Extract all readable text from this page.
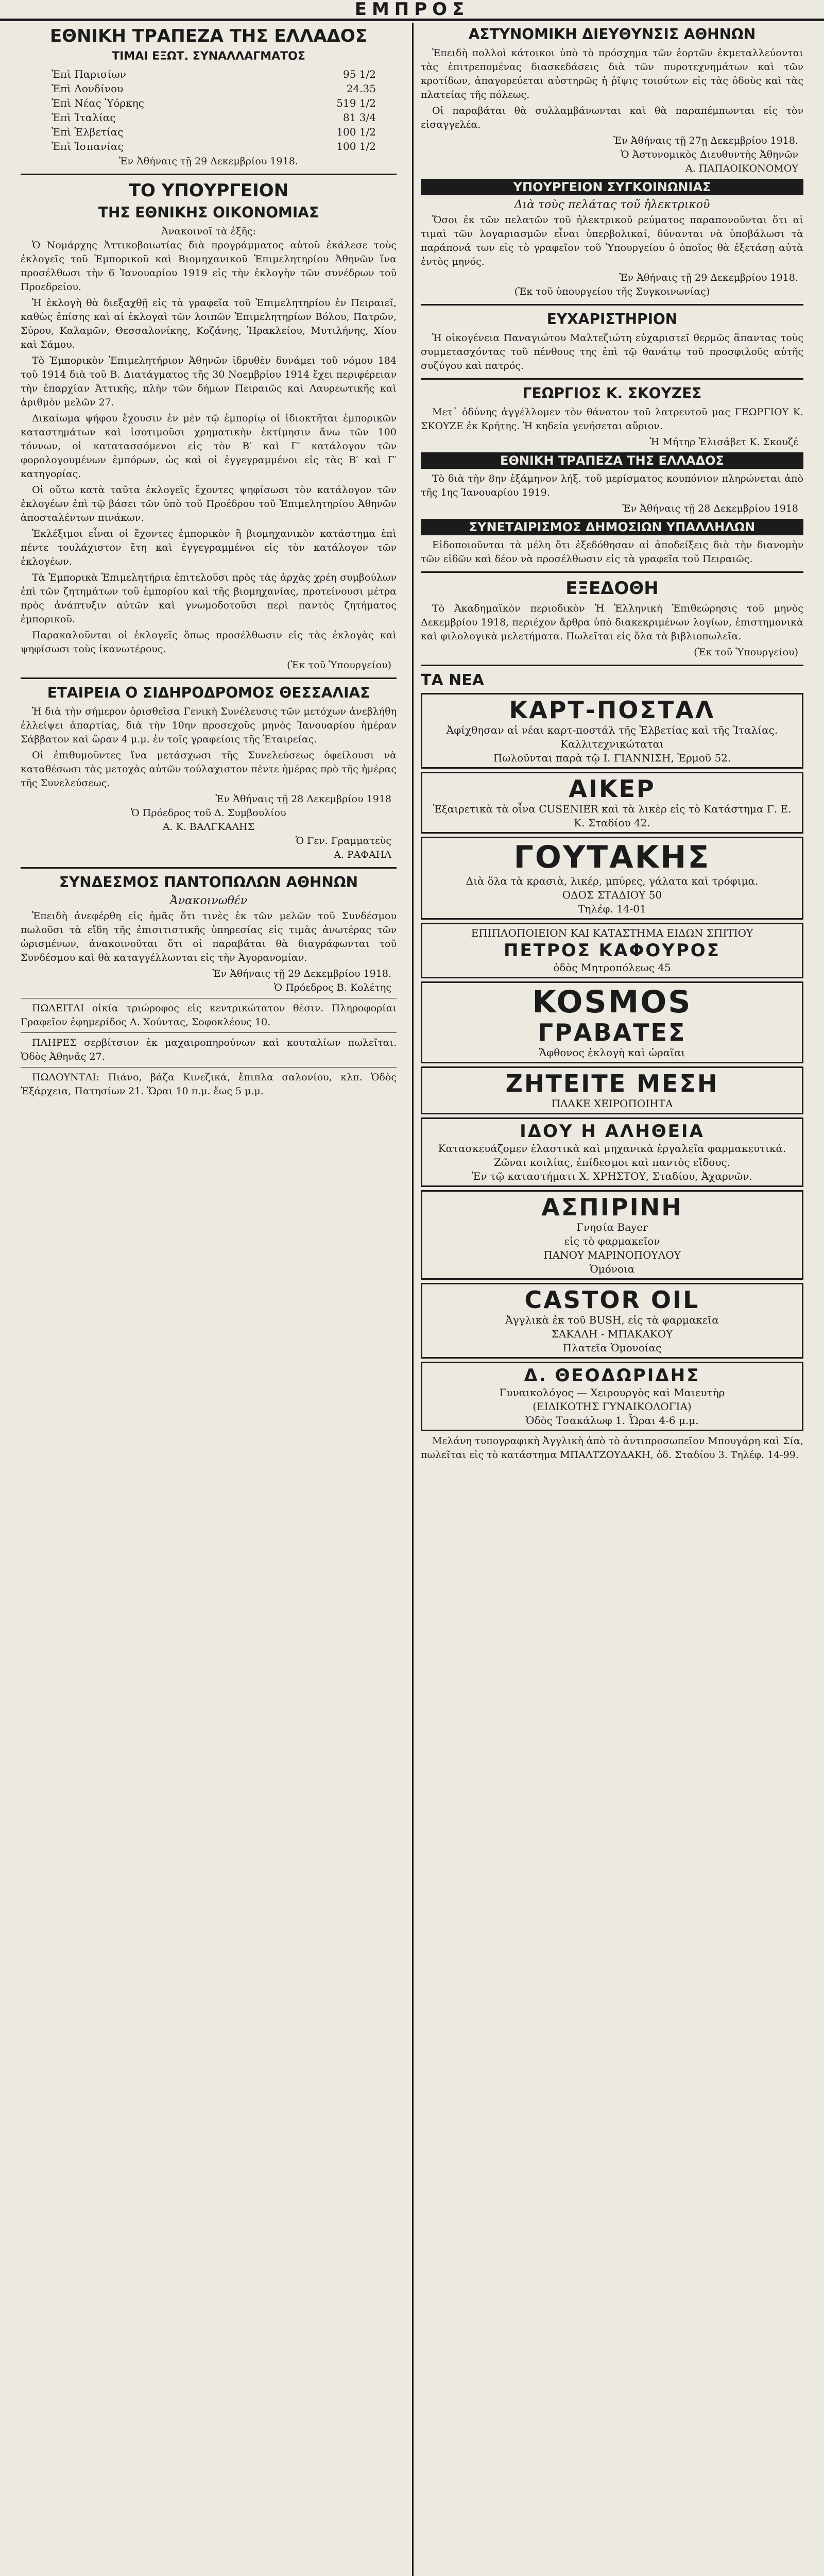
ΕΜΠΡΟΣ
ΕΘΝΙΚΗ ΤΡΑΠΕΖΑ ΤΗΣ ΕΛΛΑΔΟΣ
ΤΙΜΑΙ ΕΞΩΤ. ΣΥΝΑΛΛΑΓΜΑΤΟΣ
Ἐπὶ Παρισίων	95 1/2
Ἐπὶ Λονδίνου	24.35
Ἐπὶ Νέας Ὑόρκης	519 1/2
Ἐπὶ Ἰταλίας	81 3/4
Ἐπὶ Ἑλβετίας	100 1/2
Ἐπὶ Ἱσπανίας	100 1/2

Ἐν Ἀθήναις τῇ 29 Δεκεμβρίου 1918.

ΤΟ ΥΠΟΥΡΓΕΙΟΝ
ΤΗΣ ΕΘΝΙΚΗΣ ΟΙΚΟΝΟΜΙΑΣ

Ἀνακοινοῖ τὰ ἑξῆς:

Ὁ Νομάρχης Ἀττικοβοιωτίας διὰ προγράμματος αὐτοῦ ἐκάλεσε τοὺς ἐκλογεῖς τοῦ Ἐμπορικοῦ καὶ Βιομηχανικοῦ Ἐπιμελητηρίου Ἀθηνῶν ἵνα προσέλθωσι τὴν 6 Ἰανουαρίου 1919 εἰς τὴν ἐκλογὴν τῶν συνέδρων τοῦ Προεδρείου.

Ἡ ἐκλογὴ θὰ διεξαχθῇ εἰς τὰ γραφεῖα τοῦ Ἐπιμελητηρίου ἐν Πειραιεῖ, καθὼς ἐπίσης καὶ αἱ ἐκλογαὶ τῶν λοιπῶν Ἐπιμελητηρίων Βόλου, Πατρῶν, Σύρου, Καλαμῶν, Θεσσαλονίκης, Κοζάνης, Ἡρακλείου, Μυτιλήνης, Χίου καὶ Σάμου.

Τὸ Ἐμπορικὸν Ἐπιμελητήριον Ἀθηνῶν ἰδρυθὲν δυνάμει τοῦ νόμου 184 τοῦ 1914 διὰ τοῦ Β. Διατάγματος τῆς 30 Νοεμβρίου 1914 ἔχει περιφέρειαν τὴν ἐπαρχίαν Ἀττικῆς, πλὴν τῶν δήμων Πειραιῶς καὶ Λαυρεωτικῆς καὶ ἀριθμὸν μελῶν 27.

Δικαίωμα ψήφου ἔχουσιν ἐν μὲν τῷ ἐμπορίῳ οἱ ἰδιοκτῆται ἐμπορικῶν καταστημάτων καὶ ἰσοτιμοῦσι χρηματικὴν ἐκτίμησιν ἄνω τῶν 100 τόννων, οἱ κατατασσόμενοι εἰς τὸν Β′ καὶ Γ′ κατάλογον τῶν φορολογουμένων ἐμπόρων, ὡς καὶ οἱ ἐγγεγραμμένοι εἰς τὰς Β′ καὶ Γ′ κατηγορίας.

Οἱ οὕτω κατὰ ταῦτα ἐκλογεῖς ἔχοντες ψηφίσωσι τὸν κατάλογον τῶν ἐκλογέων ἐπὶ τῷ βάσει τῶν ὑπὸ τοῦ Προέδρου τοῦ Ἐπιμελητηρίου Ἀθηνῶν ἀποσταλέντων πινάκων.

Ἐκλέξιμοι εἶναι οἱ ἔχοντες ἐμπορικὸν ἢ βιομηχανικὸν κατάστημα ἐπὶ πέντε τουλάχιστον ἔτη καὶ ἐγγεγραμμένοι εἰς τὸν κατάλογον τῶν ἐκλογέων.

Τὰ Ἐμπορικὰ Ἐπιμελητήρια ἐπιτελοῦσι πρὸς τὰς ἀρχὰς χρέη συμβούλων ἐπὶ τῶν ζητημάτων τοῦ ἐμπορίου καὶ τῆς βιομηχανίας, προτείνουσι μέτρα πρὸς ἀνάπτυξιν αὐτῶν καὶ γνωμοδοτοῦσι περὶ παντὸς ζητήματος ἐμπορικοῦ.

Παρακαλοῦνται οἱ ἐκλογεῖς ὅπως προσέλθωσιν εἰς τὰς ἐκλογὰς καὶ ψηφίσωσι τοὺς ἱκανωτέρους.

(Ἐκ τοῦ Ὑπουργείου)

ΕΤΑΙΡΕΙΑ Ο ΣΙΔΗΡΟΔΡΟΜΟΣ ΘΕΣΣΑΛΙΑΣ

Ἡ διὰ τὴν σήμερον ὁρισθεῖσα Γενικὴ Συνέλευσις τῶν μετόχων ἀνεβλήθη ἐλλείψει ἀπαρτίας, διὰ τὴν 10ην προσεχοῦς μηνὸς Ἰανουαρίου ἡμέραν Σάββατον καὶ ὥραν 4 μ.μ. ἐν τοῖς γραφείοις τῆς Ἑταιρείας.

Οἱ ἐπιθυμοῦντες ἵνα μετάσχωσι τῆς Συνελεύσεως ὀφείλουσι νὰ καταθέσωσι τὰς μετοχὰς αὐτῶν τούλαχιστον πέντε ἡμέρας πρὸ τῆς ἡμέρας τῆς Συνελεύσεως.

Ἐν Ἀθήναις τῇ 28 Δεκεμβρίου 1918

Ὁ Πρόεδρος τοῦ Δ. Συμβουλίου

Α. Κ. ΒΑΛΓΚΑΛΗΣ

Ὁ Γεν. Γραμματεὺς

Α. ΡΑΦΑΗΛ

ΣΥΝΔΕΣΜΟΣ ΠΑΝΤΟΠΩΛΩΝ ΑΘΗΝΩΝ
Ἀνακοινωθέν

Ἐπειδὴ ἀνεφέρθη εἰς ἡμᾶς ὅτι τινὲς ἐκ τῶν μελῶν τοῦ Συνδέσμου πωλοῦσι τὰ εἴδη τῆς ἐπισιτιστικῆς ὑπηρεσίας εἰς τιμὰς ἀνωτέρας τῶν ὡρισμένων, ἀνακοινοῦται ὅτι οἱ παραβάται θὰ διαγράφωνται τοῦ Συνδέσμου καὶ θὰ καταγγέλλωνται εἰς τὴν Ἀγορανομίαν.

Ἐν Ἀθήναις τῇ 29 Δεκεμβρίου 1918.

Ὁ Πρόεδρος Β. Κολέτης

ΠΩΛΕΙΤΑΙ οἰκία τριώροφος εἰς κεντρικώτατον θέσιν. Πληροφορίαι Γραφεῖον ἐφημερίδος Α. Χούντας, Σοφοκλέους 10.

ΠΛΗΡΕΣ σερβίτσιον ἐκ μαχαιροπηρούνων καὶ κουταλίων πωλεῖται. Ὁδὸς Ἀθηνᾶς 27.

ΠΩΛΟΥΝΤΑΙ: Πιάνο, βάζα Κινεζικά, ἔπιπλα σαλονίου, κλπ. Ὁδὸς Ἐξάρχεια, Πατησίων 21. Ὥραι 10 π.μ. ἕως 5 μ.μ.

ΑΣΤΥΝΟΜΙΚΗ ΔΙΕΥΘΥΝΣΙΣ ΑΘΗΝΩΝ

Ἐπειδὴ πολλοὶ κάτοικοι ὑπὸ τὸ πρόσχημα τῶν ἑορτῶν ἐκμεταλλεύονται τὰς ἐπιτρεπομένας διασκεδάσεις διὰ τῶν πυροτεχνημάτων καὶ τῶν κροτίδων, ἀπαγορεύεται αὐστηρῶς ἡ ῥῖψις τοιούτων εἰς τὰς ὁδοὺς καὶ τὰς πλατείας τῆς πόλεως.

Οἱ παραβάται θὰ συλλαμβάνωνται καὶ θὰ παραπέμπωνται εἰς τὸν εἰσαγγελέα.

Ἐν Ἀθήναις τῇ 27ῃ Δεκεμβρίου 1918.

Ὁ Ἀστυνομικὸς Διευθυντὴς Ἀθηνῶν

Α. ΠΑΠΑΟΙΚΟΝΟΜΟΥ

ΥΠΟΥΡΓΕΙΟΝ ΣΥΓΚΟΙΝΩΝΙΑΣ
Διὰ τοὺς πελάτας τοῦ ἠλεκτρικοῦ

Ὅσοι ἐκ τῶν πελατῶν τοῦ ἠλεκτρικοῦ ρεύματος παραπονοῦνται ὅτι αἱ τιμαὶ τῶν λογαριασμῶν εἶναι ὑπερβολικαί, δύνανται νὰ ὑποβάλωσι τὰ παράπονά των εἰς τὸ γραφεῖον τοῦ Ὑπουργείου ὁ ὁποῖος θὰ ἐξετάσῃ αὐτὰ ἐντὸς μηνός.

Ἐν Ἀθήναις τῇ 29 Δεκεμβρίου 1918.

(Ἐκ τοῦ ὑπουργείου τῆς Συγκοινωνίας)

ΕΥΧΑΡΙΣΤΗΡΙΟΝ

Ἡ οἰκογένεια Παναγιώτου Μαλτεζιώτη εὐχαριστεῖ θερμῶς ἅπαντας τοὺς συμμετασχόντας τοῦ πένθους της ἐπὶ τῷ θανάτῳ τοῦ προσφιλοῦς αὐτῆς συζύγου καὶ πατρός.

ΓΕΩΡΓΙΟΣ Κ. ΣΚΟΥΖΕΣ

Μετ᾽ ὀδύνης ἀγγέλλομεν τὸν θάνατον τοῦ λατρευτοῦ μας ΓΕΩΡΓΙΟΥ Κ. ΣΚΟΥΖΕ ἐκ Κρήτης. Ἡ κηδεία γενήσεται αὔριον.

Ἡ Μήτηρ Ἐλισάβετ Κ. Σκουζέ

ΕΘΝΙΚΗ ΤΡΑΠΕΖΑ ΤΗΣ ΕΛΛΑΔΟΣ

Τὸ διὰ τὴν 8ην ἐξάμηνον λήξ. τοῦ μερίσματος κουπόνιον πληρώνεται ἀπὸ τῆς 1ης Ἰανουαρίου 1919.

Ἐν Ἀθήναις τῇ 28 Δεκεμβρίου 1918

ΣΥΝΕΤΑΙΡΙΣΜΟΣ ΔΗΜΟΣΙΩΝ ΥΠΑΛΛΗΛΩΝ

Εἰδοποιοῦνται τὰ μέλη ὅτι ἐξεδόθησαν αἱ ἀποδείξεις διὰ τὴν διανομὴν τῶν εἰδῶν καὶ δέον νὰ προσέλθωσιν εἰς τὰ γραφεῖα τοῦ Πειραιῶς.

ΕΞΕΔΟΘΗ

Τὸ Ἀκαδημαϊκὸν περιοδικὸν Ἡ Ἑλληνικὴ Ἐπιθεώρησις τοῦ μηνὸς Δεκεμβρίου 1918, περιέχον ἄρθρα ὑπὸ διακεκριμένων λογίων, ἐπιστημονικὰ καὶ φιλολογικὰ μελετήματα. Πωλεῖται εἰς ὅλα τὰ βιβλιοπωλεῖα.

(Ἐκ τοῦ Ὑπουργείου)

ΤΑ ΝΕΑ
ΚΑΡΤ-ΠΟΣΤΑΛ

Ἀφίχθησαν αἱ νέαι καρτ-ποστάλ τῆς Ἑλβετίας καὶ τῆς Ἰταλίας.

Καλλιτεχνικώταται

Πωλοῦνται παρὰ τῷ Ι. ΓΙΑΝΝΙΣΗ, Ἑρμοῦ 52.

ΑΙΚΕΡ

Ἐξαιρετικὰ τὰ οἶνα CUSENIER καὶ τὰ λικὲρ εἰς τὸ Κατάστημα Γ. Ε. Κ. Σταδίου 42.

ΓΟΥΤΑΚΗΣ

Διὰ ὅλα τὰ κρασιὰ, λικέρ, μπύρες, γάλατα καὶ τρόφιμα.

ΟΔΟΣ ΣΤΑΔΙΟΥ 50

Τηλέφ. 14-01

ΕΠΙΠΛΟΠΟΙΕΙΟΝ ΚΑΙ ΚΑΤΑΣΤΗΜΑ ΕΙΔΩΝ ΣΠΙΤΙΟΥ

ΠΕΤΡΟΣ ΚΑΦΟΥΡΟΣ

ὁδὸς Μητροπόλεως 45

KOSMOS
ΓΡΑΒΑΤΕΣ

Ἄφθονος ἐκλογὴ καὶ ὡραῖαι

ΖΗΤΕΙΤΕ ΜΕΣΗ

ΠΛΑΚΕ ΧΕΙΡΟΠΟΙΗΤΑ

ΙΔΟΥ Η ΑΛΗΘΕΙΑ

Κατασκευάζομεν ἐλαστικὰ καὶ μηχανικὰ ἐργαλεῖα φαρμακευτικά. Ζῶναι κοιλίας, ἐπίδεσμοι καὶ παντὸς εἴδους.

Ἐν τῷ καταστήματι Χ. ΧΡΗΣΤΟΥ, Σταδίου, Ἀχαρνῶν.

ΑΣΠΙΡΙΝΗ

Γνησία Bayer

εἰς τὸ φαρμακεῖον

ΠΑΝΟΥ ΜΑΡΙΝΟΠΟΥΛΟΥ

Ὁμόνοια

CASTOR OIL

Ἀγγλικὰ ἐκ τοῦ BUSH, εἰς τὰ φαρμακεῖα

ΣΑΚΑΛΗ - ΜΠΑΚΑΚΟΥ

Πλατεῖα Ὁμονοίας

Δ. ΘΕΟΔΩΡΙΔΗΣ

Γυναικολόγος — Χειρουργὸς καὶ Μαιευτὴρ

(ΕΙΔΙΚΟΤΗΣ ΓΥΝΑΙΚΟΛΟΓΙΑ)

Ὁδὸς Τσακάλωφ 1. Ὧραι 4-6 μ.μ.

Μελάνη τυπογραφικὴ Ἀγγλικὴ ἀπὸ τὸ ἀντιπροσωπεῖον Μπουγάρη καὶ Σία, πωλεῖται εἰς τὸ κατάστημα ΜΠΑΛΤΖΟΥΔΑΚΗ, ὁδ. Σταδίου 3. Τηλέφ. 14-99.
